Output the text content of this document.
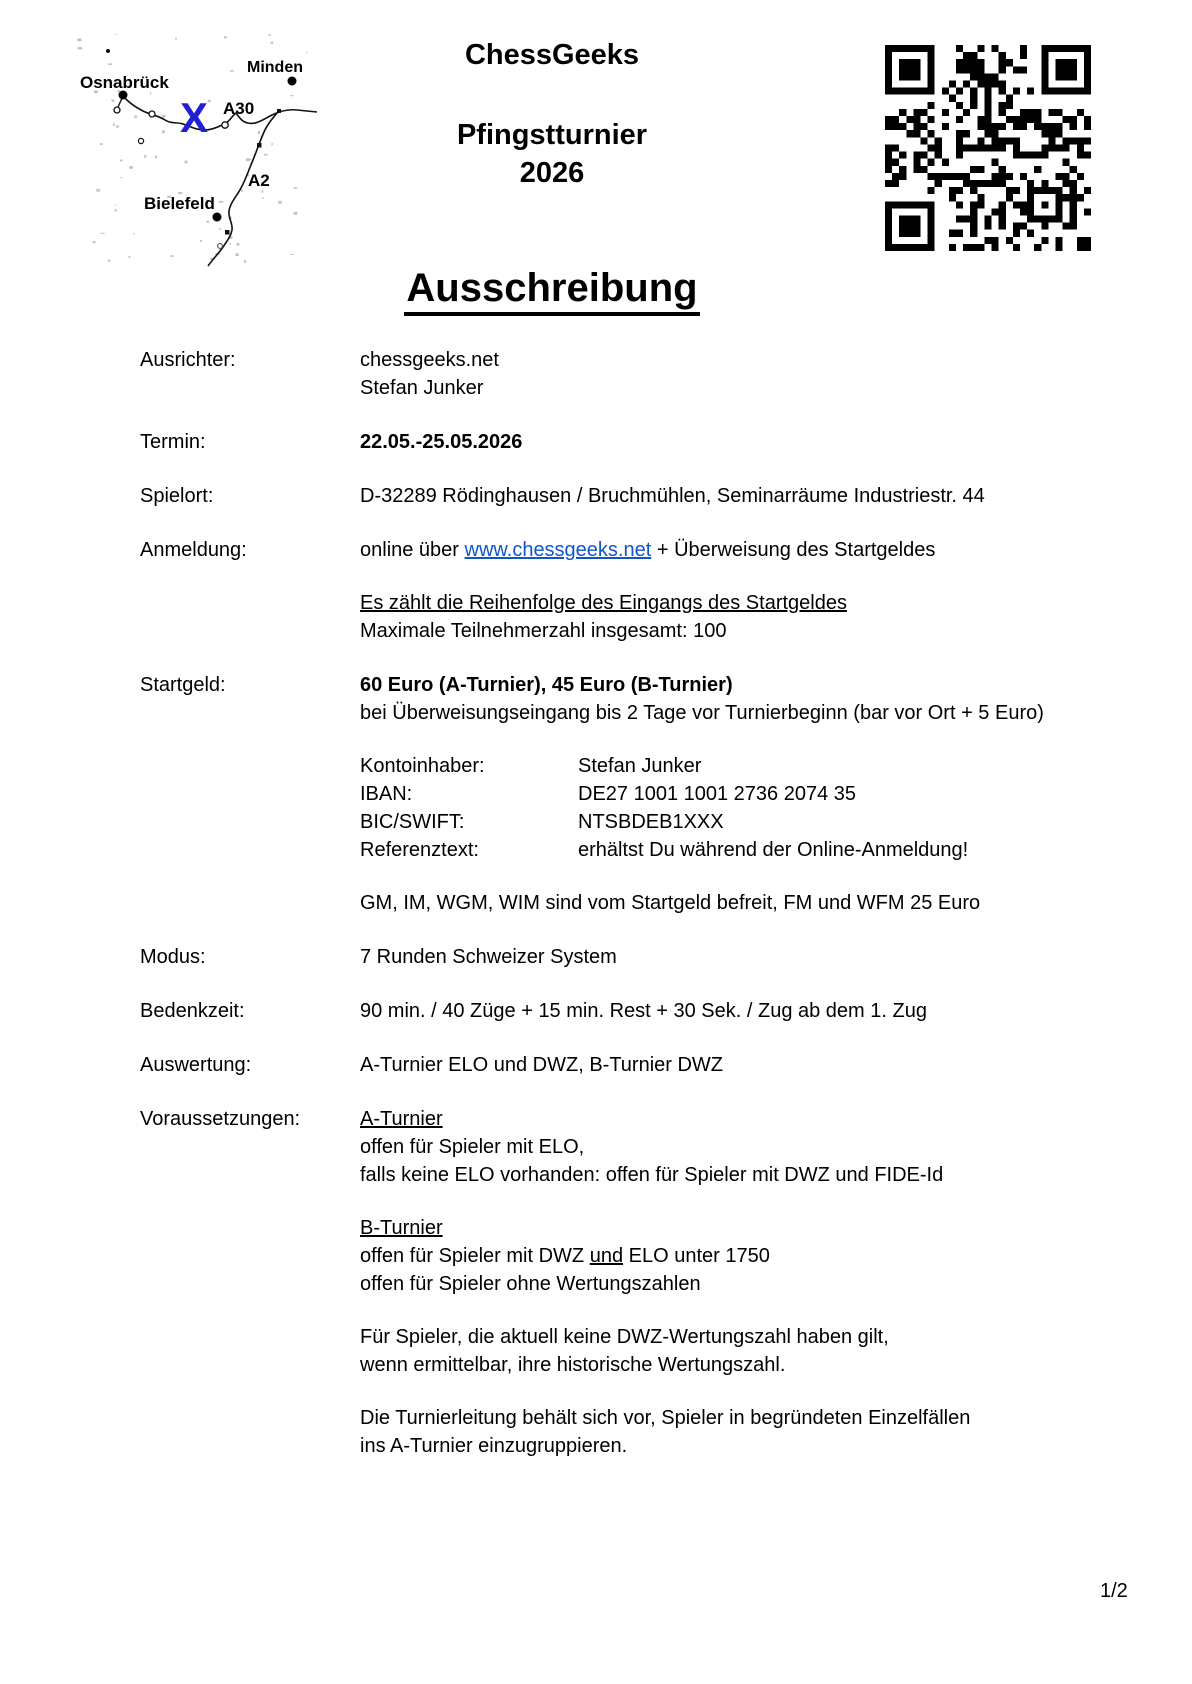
Osnabrück
Minden
A30
A2
Bielefeld
X
ChessGeeks
Pfingstturnier
2026
Ausschreibung
Ausrichter:	chessgeeks.net
Stefan Junker
Termin:	22.05.-25.05.2026
Spielort:	D-32289 Rödinghausen / Bruchmühlen, Seminarräume Industriestr. 44
Anmeldung:	online über www.chessgeeks.net + Überweisung des Startgeldes
Es zählt die Reihenfolge des Eingangs des Startgeldes
Maximale Teilnehmerzahl insgesamt: 100
Startgeld:	60 Euro (A-Turnier), 45 Euro (B-Turnier)
bei Überweisungseingang bis 2 Tage vor Turnierbeginn (bar vor Ort + 5 Euro)
Kontoinhaber:	Stefan Junker
IBAN:	DE27 1001 1001 2736 2074 35
BIC/SWIFT:	NTSBDEB1XXX
Referenztext:	erhältst Du während der Online-Anmeldung!
GM, IM, WGM, WIM sind vom Startgeld befreit, FM und WFM 25 Euro
Modus:	7 Runden Schweizer System
Bedenkzeit:	90 min. / 40 Züge + 15 min. Rest + 30 Sek. / Zug ab dem 1. Zug
Auswertung:	A-Turnier ELO und DWZ, B-Turnier DWZ
Voraussetzungen:	A-Turnier
offen für Spieler mit ELO,
falls keine ELO vorhanden: offen für Spieler mit DWZ und FIDE-Id
B-Turnier
offen für Spieler mit DWZ und ELO unter 1750
offen für Spieler ohne Wertungszahlen
Für Spieler, die aktuell keine DWZ-Wertungszahl haben gilt,
wenn ermittelbar, ihre historische Wertungszahl.
Die Turnierleitung behält sich vor, Spieler in begründeten Einzelfällen
ins A-Turnier einzugruppieren.
1/2
